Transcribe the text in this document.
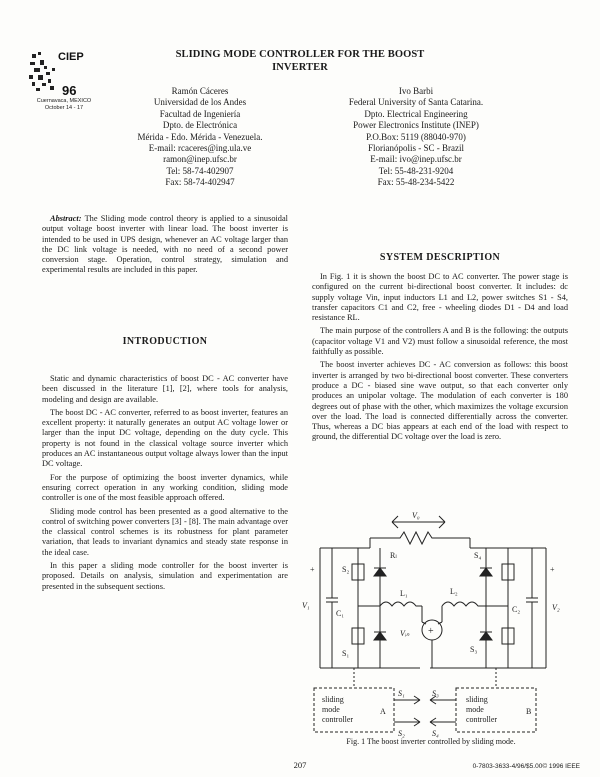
CIEP
96
Cuernavaca, MEXICO
October 14 - 17
SLIDING MODE CONTROLLER FOR THE BOOST
INVERTER
Ramón Cáceres
Universidad de los Andes
Facultad de Ingeniería
Dpto. de Electrónica
Mérida - Edo. Mérida - Venezuela.
E-mail: rcaceres@ing.ula.ve
ramon@inep.ufsc.br
Tel: 58-74-402907
Fax: 58-74-402947
Ivo Barbi
Federal University of Santa Catarina.
Dpto. Electrical Engineering
Power Electronics Institute (INEP)
P.O.Box: 5119 (88040-970)
Florianópolis - SC - Brazil
E-mail: ivo@inep.ufsc.br
Tel: 55-48-231-9204
Fax: 55-48-234-5422

Abstract: The Sliding mode control theory is applied to a sinusoidal output voltage boost inverter with linear load. The boost inverter is intended to be used in UPS design, whenever an AC voltage larger than the DC link voltage is needed, with no need of a second power conversion stage. Operation, control strategy, simulation and experimental results are included in this paper.

INTRODUCTION

Static and dynamic characteristics of boost DC - AC converter have been discussed in the literature [1], [2], where tools for analysis, modeling and design are available.

The boost DC - AC converter, referred to as boost inverter, features an excellent property: it naturally generates an output AC voltage lower or larger than the input DC voltage, depending on the duty cycle. This property is not found in the classical voltage source inverter which produces an AC instantaneous output voltage always lower than the input DC voltage.

For the purpose of optimizing the boost inverter dynamics, while ensuring correct operation in any working condition, sliding mode controller is one of the most feasible approach offered.

Sliding mode control has been presented as a good alternative to the control of switching power converters [3] - [8]. The main advantage over the classical control schemes is its robustness for plant parameter variation, that leads to invariant dynamics and steady state response in the ideal case.

In this paper a sliding mode controller for the boost inverter is proposed. Details on analysis, simulation and experimentation are presented in the subsequent sections.

SYSTEM DESCRIPTION

In Fig. 1 it is shown the boost DC to AC converter. The power stage is configured on the current bi-directional boost converter. It includes: dc supply voltage Vin, input inductors L1 and L2, power switches S1 - S4, transfer capacitors C1 and C2, free - wheeling diodes D1 - D4 and load resistance RL.

The main purpose of the controllers A and B is the following: the outputs (capacitor voltage V1 and V2) must follow a sinusoidal reference, the most faithfully as possible.

The boost inverter achieves DC - AC conversion as follows: this boost inverter is arranged by two bi-directional boost converter. These converters produce a DC - biased sine wave output, so that each converter only produces an unipolar voltage. The modulation of each converter is 180 degrees out of phase with the other, which maximizes the voltage excursion over the load. The load is connected differentially across the converter. Thus, whereas a DC bias appears at each end of the load with respect to ground, the differential DC voltage over the load is zero.

V₀
Rₗ
V₁
+
C₁
S₂
S₁
S₄
S₃
C₂
+
V₂
L₁	L₂
+
Vᵢₙ
sliding
mode
controller
A
sliding
mode
controller
B
S₁
S₂
S₃
S₄
Fig. 1 The boost inverter controlled by sliding mode.
207	0-7803-3633-4/96/$5.00© 1996 IEEE
